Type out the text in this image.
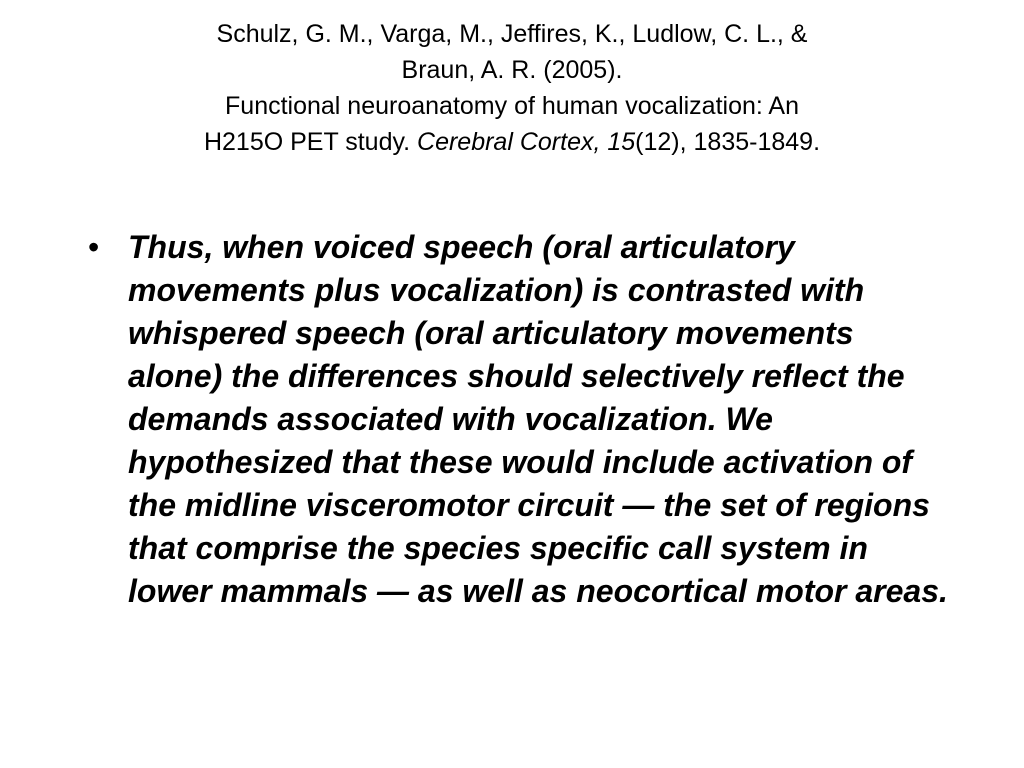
Schulz, G. M., Varga, M., Jeffires, K., Ludlow, C. L., &
Braun, A. R. (2005).
Functional neuroanatomy of human vocalization: An
H215O PET study. Cerebral Cortex, 15(12), 1835-1849.
• Thus, when voiced speech (oral articulatory movements plus vocalization) is contrasted with whispered speech (oral articulatory movements alone) the differences should selectively reflect the demands associated with vocalization. We hypothesized that these would include activation of the midline visceromotor circuit — the set of regions that comprise the species specific call system in lower mammals — as well as neocortical motor areas.
